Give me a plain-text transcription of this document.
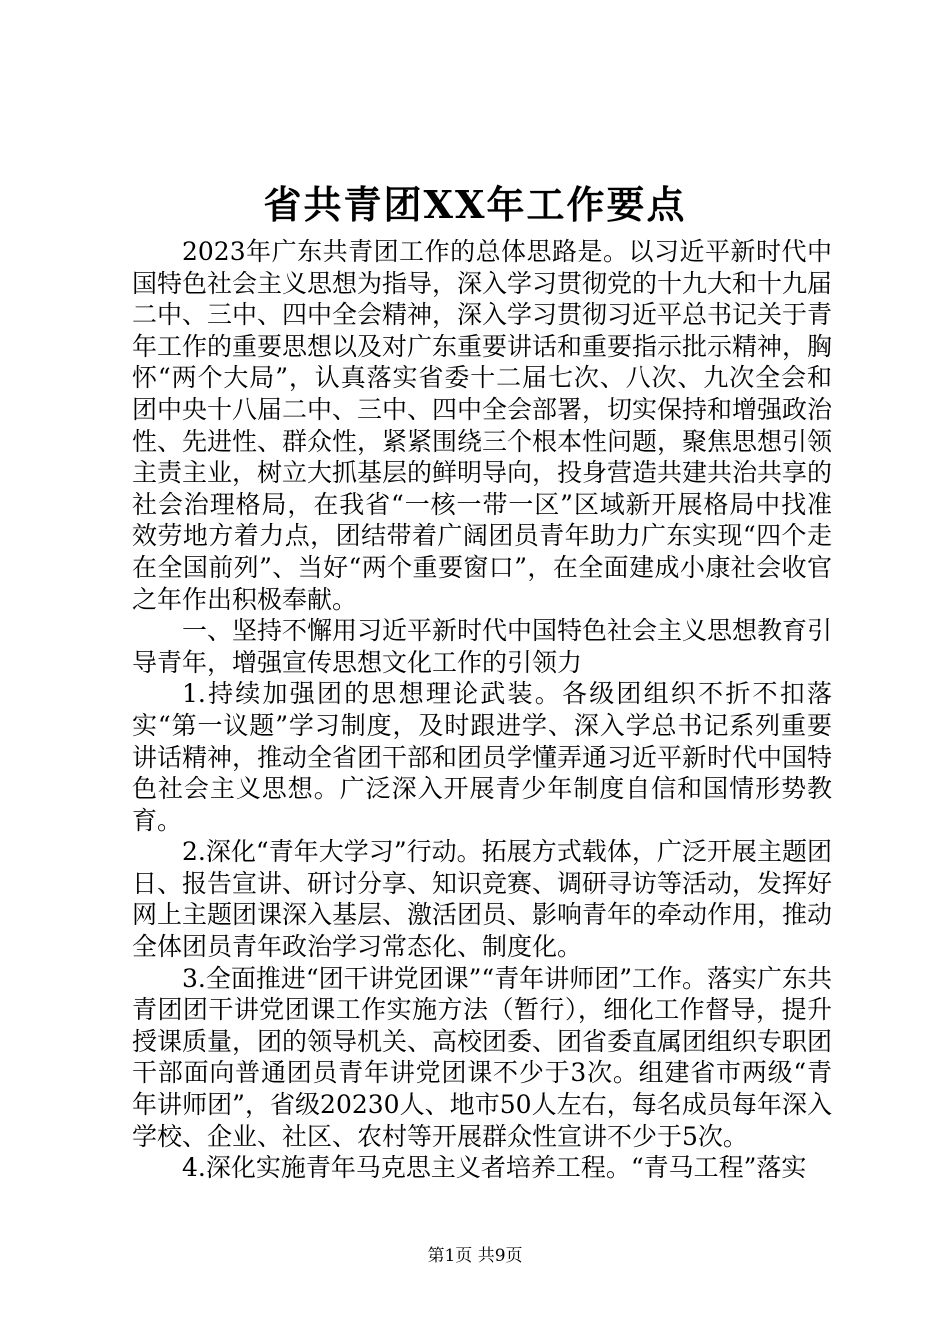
省共青团XX年工作要点

2023年广东共青团工作的总体思路是。以习近平新时代中国特色社会主义思想为指导，深入学习贯彻党的十九大和十九届二中、三中、四中全会精神，深入学习贯彻习近平总书记关于青年工作的重要思想以及对广东重要讲话和重要指示批示精神，胸怀“两个大局”，认真落实省委十二届七次、八次、九次全会和团中央十八届二中、三中、四中全会部署，切实保持和增强政治性、先进性、群众性，紧紧围绕三个根本性问题，聚焦思想引领主责主业，树立大抓基层的鲜明导向，投身营造共建共治共享的社会治理格局，在我省“一核一带一区”区域新开展格局中找准效劳地方着力点，团结带着广阔团员青年助力广东实现“四个走在全国前列”、当好“两个重要窗口”，在全面建成小康社会收官之年作出积极奉献。

一、坚持不懈用习近平新时代中国特色社会主义思想教育引导青年，增强宣传思想文化工作的引领力

1.持续加强团的思想理论武装。各级团组织不折不扣落实“第一议题”学习制度，及时跟进学、深入学总书记系列重要讲话精神，推动全省团干部和团员学懂弄通习近平新时代中国特色社会主义思想。广泛深入开展青少年制度自信和国情形势教育。

2.深化“青年大学习”行动。拓展方式载体，广泛开展主题团日、报告宣讲、研讨分享、知识竞赛、调研寻访等活动，发挥好网上主题团课深入基层、激活团员、影响青年的牵动作用，推动全体团员青年政治学习常态化、制度化。

3.全面推进“团干讲党团课”“青年讲师团”工作。落实广东共青团团干讲党团课工作实施方法（暂行），细化工作督导，提升授课质量，团的领导机关、高校团委、团省委直属团组织专职团干部面向普通团员青年讲党团课不少于3次。组建省市两级“青年讲师团”，省级20230人、地市50人左右，每名成员每年深入学校、企业、社区、农村等开展群众性宣讲不少于5次。

4.深化实施青年马克思主义者培养工程。“青马工程”落实

第1页 共9页
